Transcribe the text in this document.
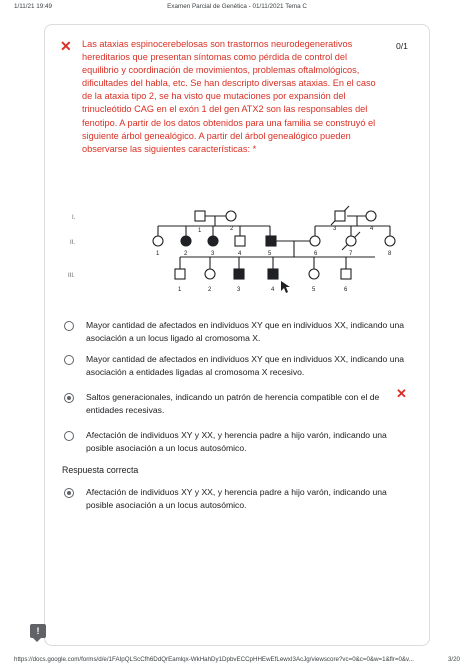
1/11/21 19:49	Examen Parcial de Genética - 01/11/2021 Tema C
✕	0/1
Las ataxias espinocerebelosas son trastornos neurodegenerativos hereditarios que presentan síntomas como pérdida de control del equilibrio y coordinación de movimientos, problemas oftalmológicos, dificultades del habla, etc. Se han descripto diversas ataxias. En el caso de la ataxia tipo 2, se ha visto que mutaciones por expansión del trinucleótido CAG en el exón 1 del gen ATX2 son las responsables del fenotipo. A partir de los datos obtenidos para una familia se construyó el siguiente árbol genealógico. A partir del árbol genealógico pueden observarse las siguientes características: *
I.
II.
III.
1	2	3	4
1	2	3	4	5	6	7	8
1	2	3	4	5	6
Mayor cantidad de afectados en individuos XY que en individuos XX, indicando una asociación a un locus ligado al cromosoma X.
Mayor cantidad de afectados en individuos XY que en individuos XX, indicando una asociación a entidades ligadas al cromosoma X recesivo.
Saltos generacionales, indicando un patrón de herencia compatible con el de entidades recesivas.
✕
Afectación de individuos XY y XX, y herencia padre a hijo varón, indicando una posible asociación a un locus autosómico.
Respuesta correcta
Afectación de individuos XY y XX, y herencia padre a hijo varón, indicando una posible asociación a un locus autosómico.
!
https://docs.google.com/forms/d/e/1FAIpQLScCfh6DdQrEamlqx-WkHahDy1DpbvECCpHHEwEfLewxI3AcJg/viewscore?vc=0&c=0&w=1&flr=0&v...	3/20
